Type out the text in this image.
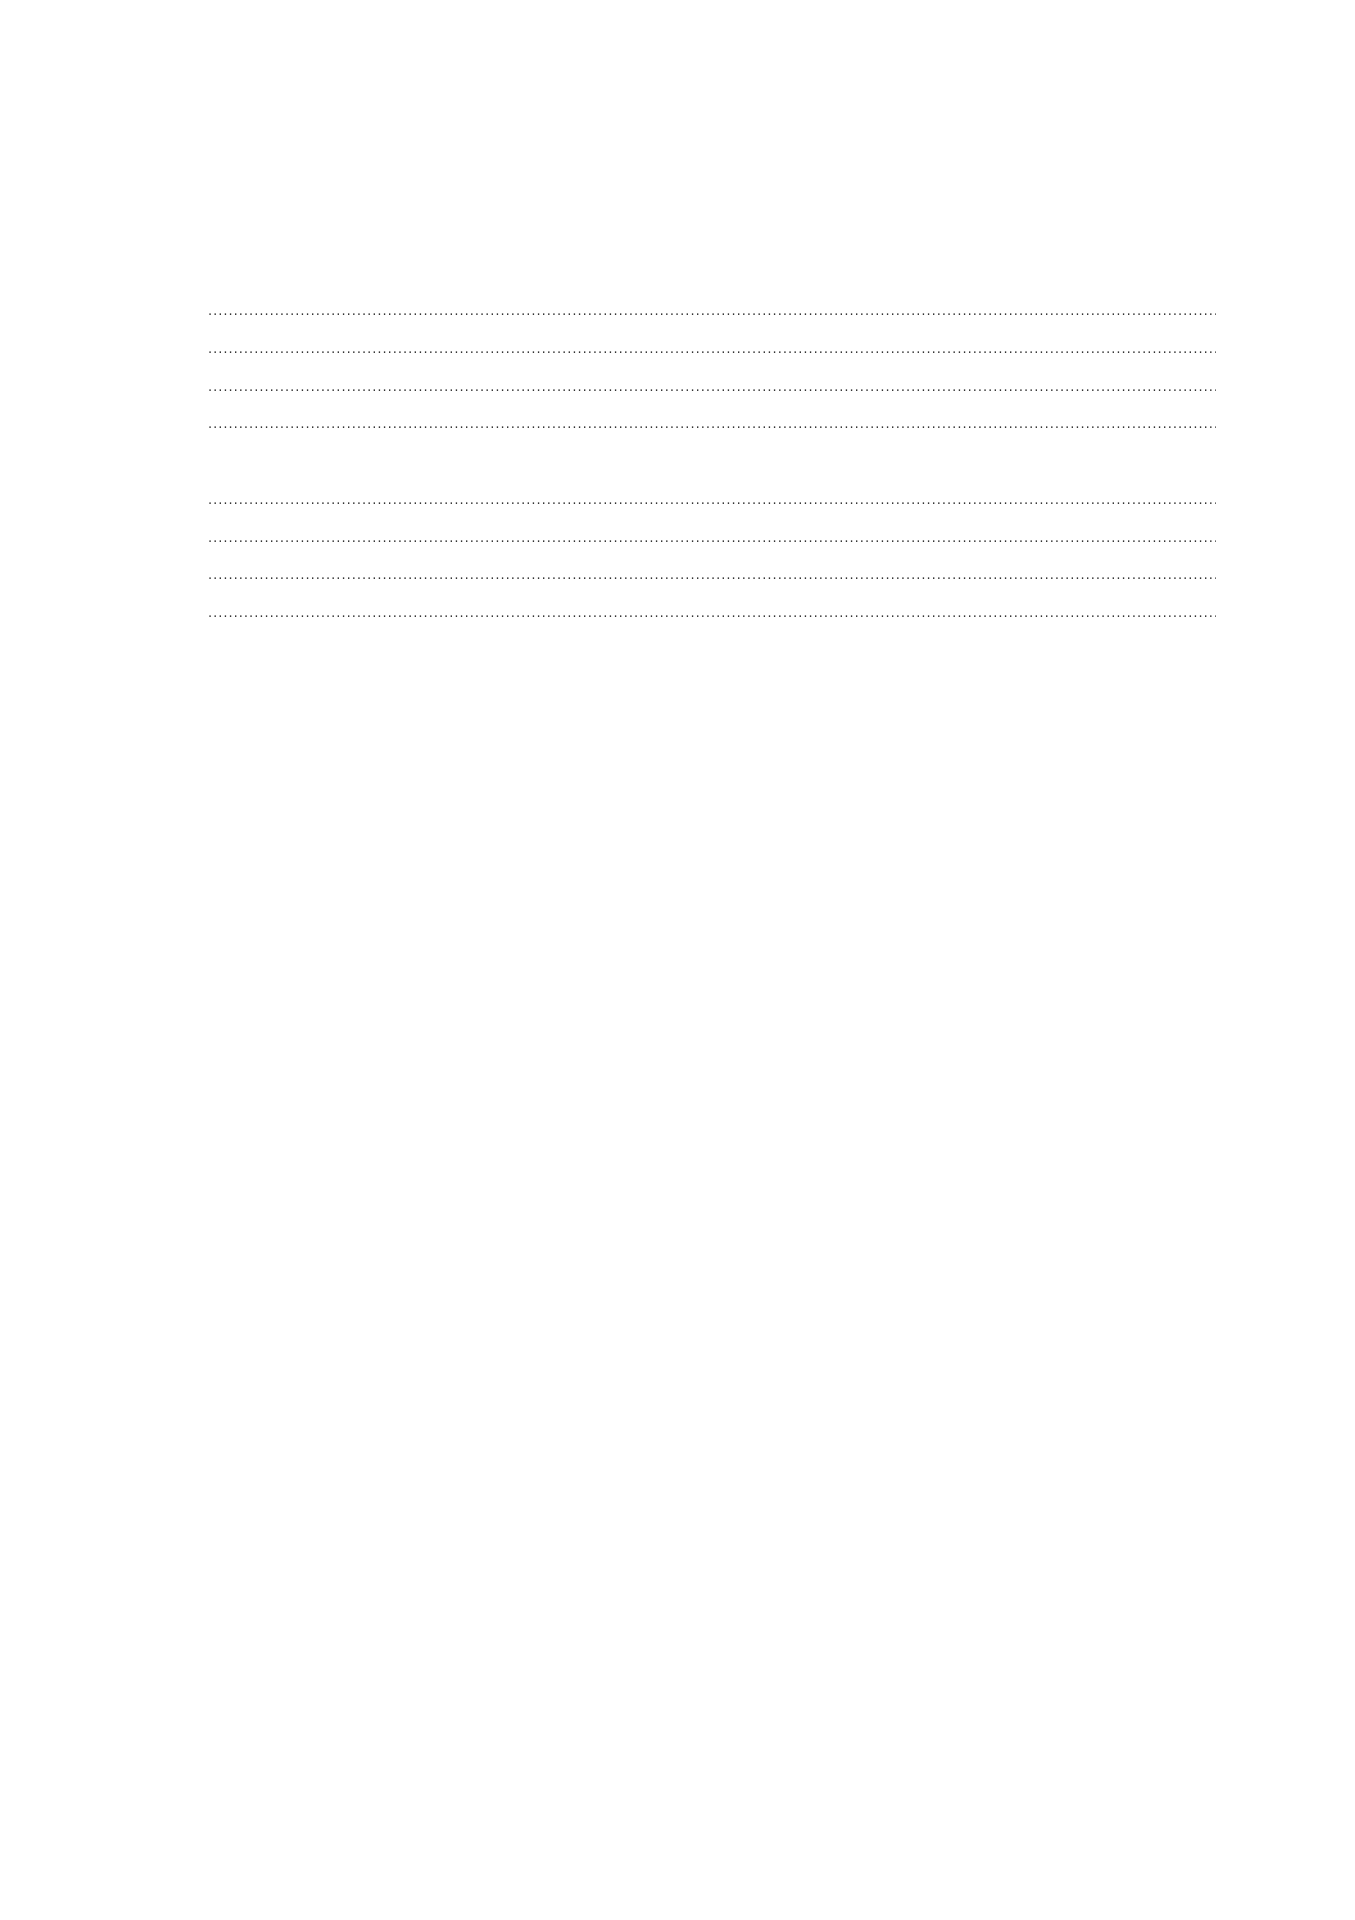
.....
.....
.....
.....
.....
.....
.....
.....
